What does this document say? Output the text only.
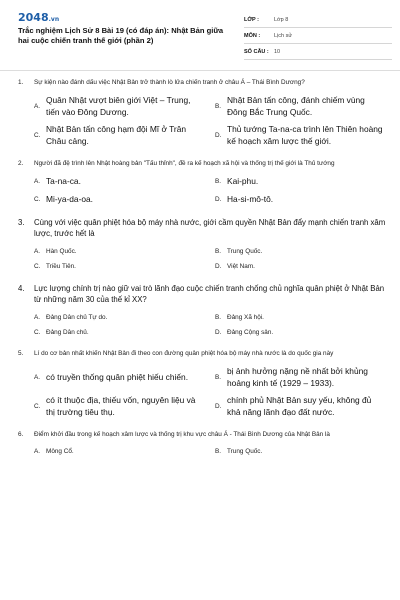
2048.vn
Trắc nghiệm Lịch Sử 8 Bài 19 (có đáp án): Nhật Bản giữa hai cuộc chiến tranh thế giới (phần 2)
LỚP :	Lớp 8
MÔN :	Lịch sử
SỐ CÂU : 10
1.	Sự kiện nào đánh dấu việc Nhật Bản trở thành lò lửa chiến tranh ở châu Á – Thái Bình Dương?
A.
Quân Nhật vượt biên giới Việt – Trung, tiến vào Đông Dương.	B.
Nhật Bản tấn công, đánh chiếm vùng Đông Bắc Trung Quốc.
C.
Nhật Bản tấn công hạm đội Mĩ ở Trân Châu cảng.	D.
Thủ tướng Ta-na-ca trình lên Thiên hoàng kế hoạch xâm lược thế giới.
2.	Người đã đệ trình lên Nhật hoàng bản "Tấu thỉnh", đề ra kế hoạch xã hội và thống trị thế giới là Thủ tướng
A. Ta-na-ca.	B. Kai-phu.
C. Mi-ya-da-oa.	D. Ha-si-mô-tô.
3.	Cùng với việc quân phiệt hóa bộ máy nhà nước, giới cầm quyền Nhật Bản đẩy mạnh chiến tranh xâm lược, trước hết là
A. Hàn Quốc.	B. Trung Quốc.
C. Triều Tiên.	D. Việt Nam.
4.	Lực lượng chính trị nào giữ vai trò lãnh đạo cuộc chiến tranh chống chủ nghĩa quân phiệt ở Nhật Bản từ những năm 30 của thế kỉ XX?
A. Đảng Dân chủ Tự do.	B. Đảng Xã hội.
C. Đảng Dân chủ.	D. Đảng Cộng sản.
5.	Lí do cơ bản nhất khiến Nhật Bản đi theo con đường quân phiệt hóa bộ máy nhà nước là do quốc gia này
A. có truyền thống quân phiệt hiếu chiến.	B.
bị ảnh hưởng nặng nề nhất bởi khủng hoảng kinh tế (1929 – 1933).
C.
có ít thuộc địa, thiếu vốn, nguyên liệu và thị trường tiêu thụ.	D.
chính phủ Nhật Bản suy yếu, không đủ khả năng lãnh đạo đất nước.
6.	Điểm khởi đầu trong kế hoạch xâm lược và thống trị khu vực châu Á - Thái Bình Dương của Nhật Bản là
A. Mông Cổ.	B. Trung Quốc.
